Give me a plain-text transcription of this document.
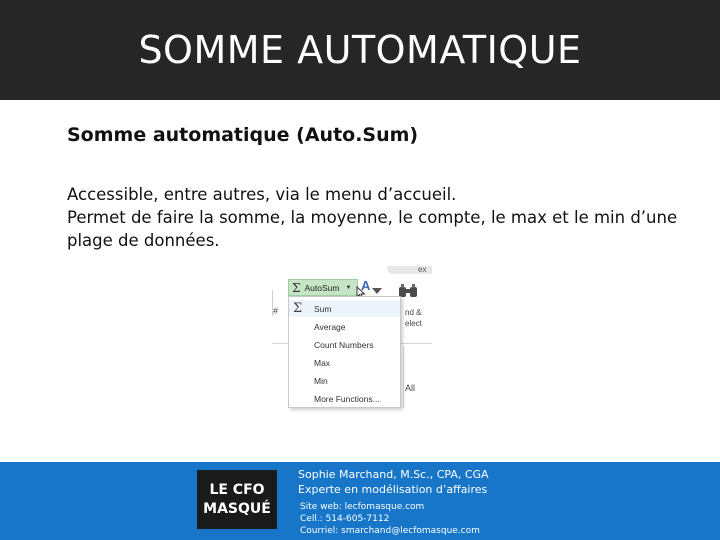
SOMME AUTOMATIQUE
Somme automatique (Auto.Sum)

Accessible, entre autres, via le menu d’accueil.

Permet de faire la somme, la moyenne, le compte, le max et le min d’une plage de données.

ex
#
Σ AutoSum ▼ A
nd &
elect
All
Σ Sum
Average
Count Numbers
Max
Min
More Functions...
LE CFO
MASQUÉ
Sophie Marchand, M.Sc., CPA, CGA
Experte en modélisation d’affaires
Site web: lecfomasque.com
Cell.: 514-605-7112
Courriel: smarchand@lecfomasque.com
